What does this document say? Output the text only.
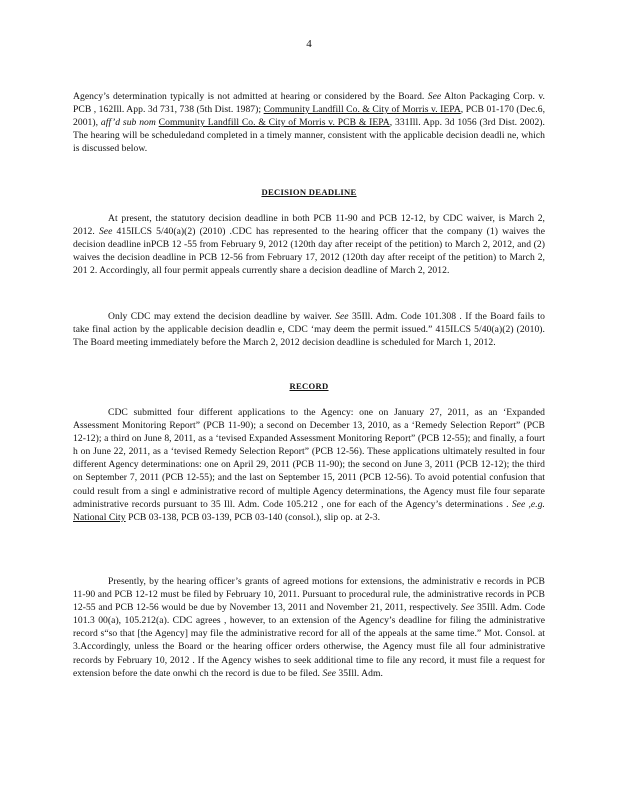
4
Agency’s determination typically is not admitted at hearing or considered by the Board. See Alton Packaging Corp. v. PCB , 162Ill. App. 3d 731, 738 (5th Dist. 1987); Community Landfill Co. & City of Morris v. IEPA, PCB 01-170 (Dec.6, 2001), aff’d sub nom Community Landfill Co. & City of Morris v. PCB & IEPA, 331Ill. App. 3d 1056 (3rd Dist. 2002). The hearing will be scheduledand completed in a timely manner, consistent with the applicable decision deadli ne, which is discussed below.
DECISION DEADLINE
At present, the statutory decision deadline in both PCB 11-90 and PCB 12-12, by CDC waiver, is March 2, 2012. See 415ILCS 5/40(a)(2) (2010) .CDC has represented to the hearing officer that the company (1) waives the decision deadline inPCB 12 -55 from February 9, 2012 (120th day after receipt of the petition) to March 2, 2012, and (2) waives the decision deadline in PCB 12-56 from February 17, 2012 (120th day after receipt of the petition) to March 2, 201 2. Accordingly, all four permit appeals currently share a decision deadline of March 2, 2012.
Only CDC may extend the decision deadline by waiver. See 35Ill. Adm. Code 101.308 . If the Board fails to take final action by the applicable decision deadlin e, CDC ‘may deem the permit issued.” 415ILCS 5/40(a)(2) (2010). The Board meeting immediately before the March 2, 2012 decision deadline is scheduled for March 1, 2012.
RECORD
CDC submitted four different applications to the Agency: one on January 27, 2011, as an ‘Expanded Assessment Monitoring Report” (PCB 11-90); a second on December 13, 2010, as a ‘Remedy Selection Report” (PCB 12-12); a third on June 8, 2011, as a ‘tevised Expanded Assessment Monitoring Report” (PCB 12-55); and finally, a fourt h on June 22, 2011, as a ‘tevised Remedy Selection Report” (PCB 12-56). These applications ultimately resulted in four different Agency determinations: one on April 29, 2011 (PCB 11-90); the second on June 3, 2011 (PCB 12-12); the third on September 7, 2011 (PCB 12-55); and the last on September 15, 2011 (PCB 12-56). To avoid potential confusion that could result from a singl e administrative record of multiple Agency determinations, the Agency must file four separate administrative records pursuant to 35 Ill. Adm. Code 105.212 , one for each of the Agency’s determinations . See ,e.g. National City PCB 03-138, PCB 03-139, PCB 03-140 (consol.), slip op. at 2-3.
Presently, by the hearing officer’s grants of agreed motions for extensions, the administrativ e records in PCB 11-90 and PCB 12-12 must be filed by February 10, 2011. Pursuant to procedural rule, the administrative records in PCB 12-55 and PCB 12-56 would be due by November 13, 2011 and November 21, 2011, respectively. See 35Ill. Adm. Code 101.3 00(a), 105.212(a). CDC agrees , however, to an extension of the Agency’s deadline for filing the administrative record s“so that [the Agency] may file the administrative record for all of the appeals at the same time.” Mot. Consol. at 3.Accordingly, unless the Board or the hearing officer orders otherwise, the Agency must file all four administrative records by February 10, 2012 . If the Agency wishes to seek additional time to file any record, it must file a request for extension before the date onwhi ch the record is due to be filed. See 35Ill. Adm.
